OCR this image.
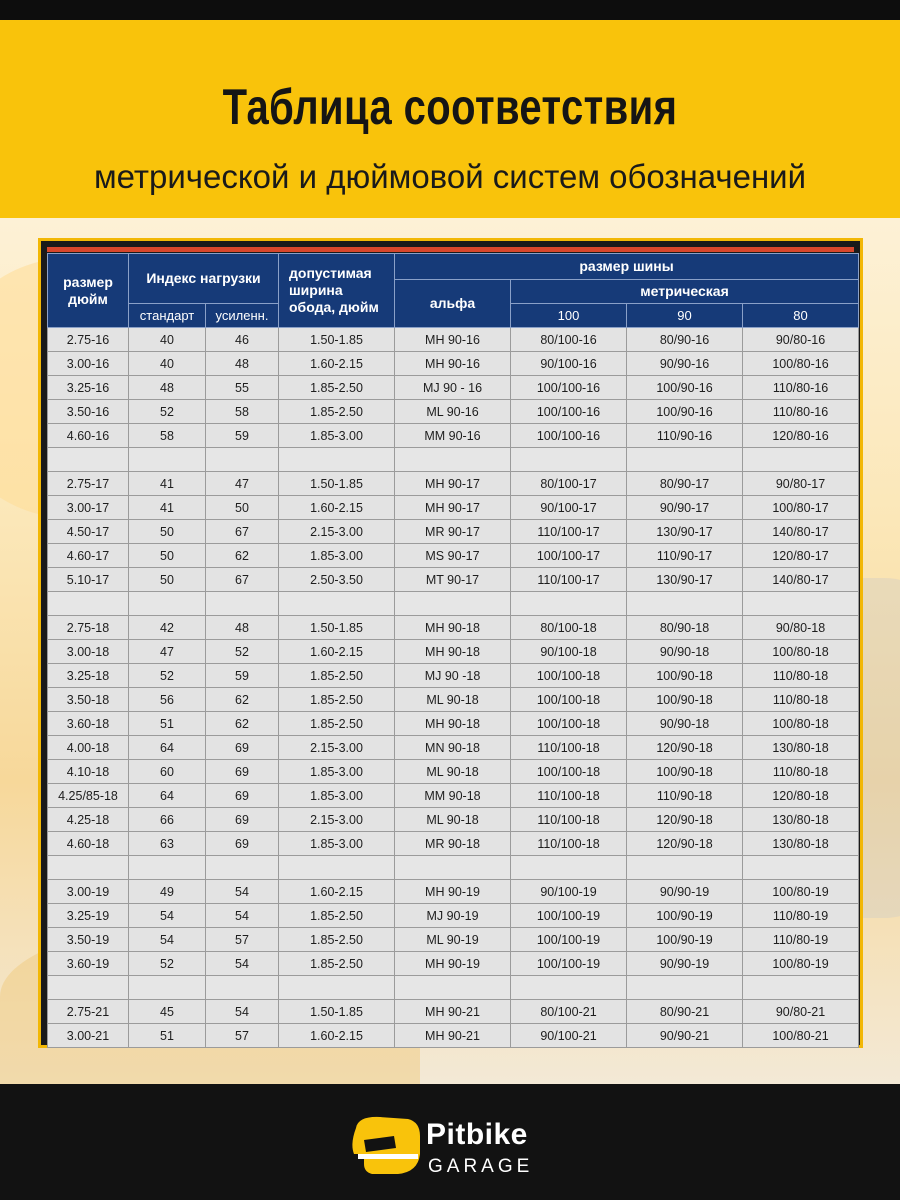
Таблица соответствия
метрической и дюймовой систем обозначений
размер дюйм	Индекс нагрузки		допустимая ширина обода, дюйм	размер шины			
				альфа	метрическая		
	стандарт	усиленн.			100	90	80
2.75-16	40	46	1.50-1.85	MH 90-16	80/100-16	80/90-16	90/80-16
3.00-16	40	48	1.60-2.15	MH 90-16	90/100-16	90/90-16	100/80-16
3.25-16	48	55	1.85-2.50	MJ 90 - 16	100/100-16	100/90-16	110/80-16
3.50-16	52	58	1.85-2.50	ML 90-16	100/100-16	100/90-16	110/80-16
4.60-16	58	59	1.85-3.00	MM 90-16	100/100-16	110/90-16	120/80-16

2.75-17	41	47	1.50-1.85	MH 90-17	80/100-17	80/90-17	90/80-17
3.00-17	41	50	1.60-2.15	MH 90-17	90/100-17	90/90-17	100/80-17
4.50-17	50	67	2.15-3.00	MR 90-17	110/100-17	130/90-17	140/80-17
4.60-17	50	62	1.85-3.00	MS 90-17	100/100-17	110/90-17	120/80-17
5.10-17	50	67	2.50-3.50	MT 90-17	110/100-17	130/90-17	140/80-17

2.75-18	42	48	1.50-1.85	MH 90-18	80/100-18	80/90-18	90/80-18
3.00-18	47	52	1.60-2.15	MH 90-18	90/100-18	90/90-18	100/80-18
3.25-18	52	59	1.85-2.50	MJ 90 -18	100/100-18	100/90-18	110/80-18
3.50-18	56	62	1.85-2.50	ML 90-18	100/100-18	100/90-18	110/80-18
3.60-18	51	62	1.85-2.50	MH 90-18	100/100-18	90/90-18	100/80-18
4.00-18	64	69	2.15-3.00	MN 90-18	110/100-18	120/90-18	130/80-18
4.10-18	60	69	1.85-3.00	ML 90-18	100/100-18	100/90-18	110/80-18
4.25/85-18	64	69	1.85-3.00	MM 90-18	110/100-18	110/90-18	120/80-18
4.25-18	66	69	2.15-3.00	ML 90-18	110/100-18	120/90-18	130/80-18
4.60-18	63	69	1.85-3.00	MR 90-18	110/100-18	120/90-18	130/80-18

3.00-19	49	54	1.60-2.15	MH 90-19	90/100-19	90/90-19	100/80-19
3.25-19	54	54	1.85-2.50	MJ 90-19	100/100-19	100/90-19	110/80-19
3.50-19	54	57	1.85-2.50	ML 90-19	100/100-19	100/90-19	110/80-19
3.60-19	52	54	1.85-2.50	MH 90-19	100/100-19	90/90-19	100/80-19

2.75-21	45	54	1.50-1.85	MH 90-21	80/100-21	80/90-21	90/80-21
3.00-21	51	57	1.60-2.15	MH 90-21	90/100-21	90/90-21	100/80-21
Pitbike
GARAGE
